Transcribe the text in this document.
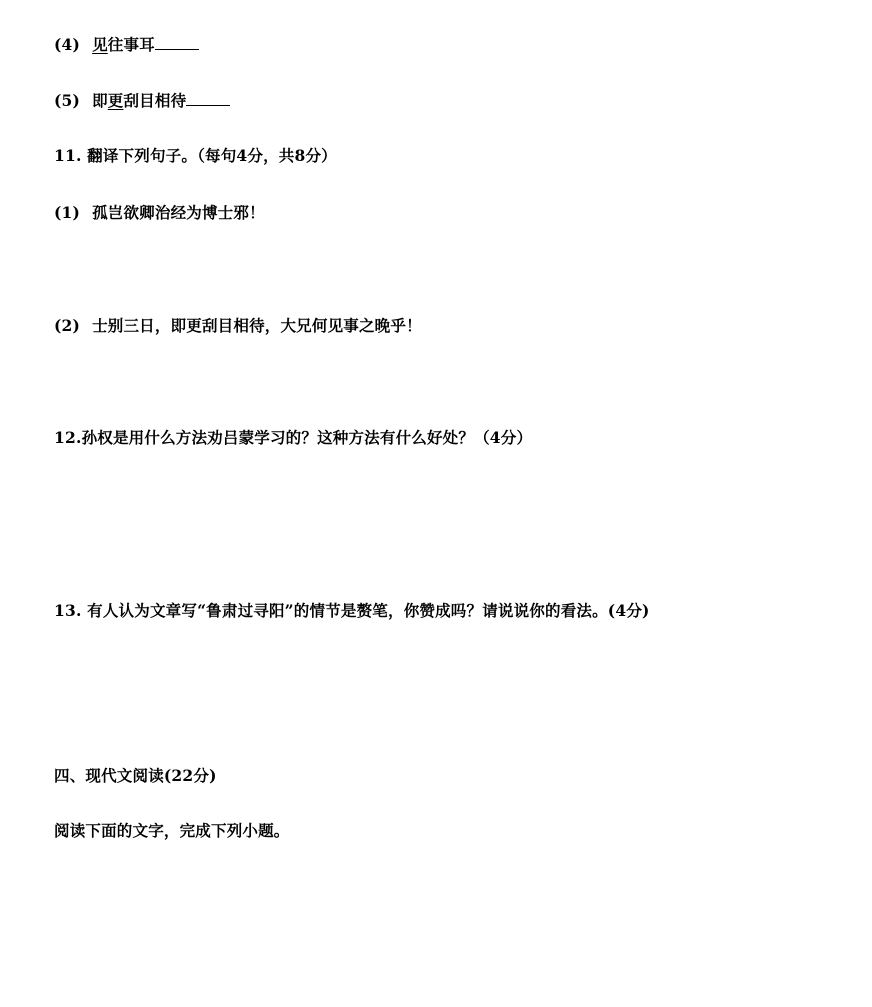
(4) 见往事耳

(5) 即更刮目相待

11. 翻译下列句子。（每句4分，共8分）

(1) 孤岂欲卿治经为博士邪！

(2) 士别三日，即更刮目相待，大兄何见事之晚乎！

12.孙权是用什么方法劝吕蒙学习的？这种方法有什么好处？（4分）

13. 有人认为文章写“鲁肃过寻阳”的情节是赘笔，你赞成吗？请说说你的看法。(4分)

四、现代文阅读(22分)

阅读下面的文字，完成下列小题。
